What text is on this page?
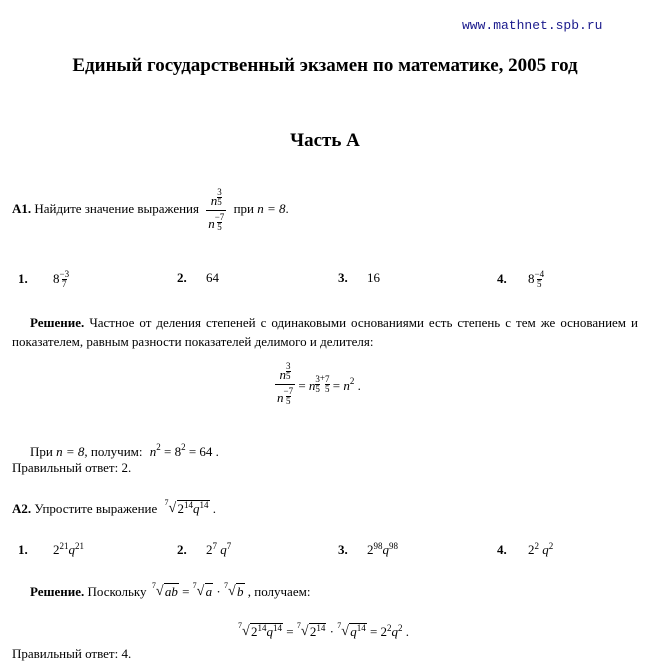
www.mathnet.spb.ru
Единый государственный экзамен по математике, 2005 год
Часть А
А1. Найдите значение выражения $\frac{n \frac{3}{5}}{n \frac{-7}{5}}$ при n = 8.
1. $8 \frac{-3}{7}$	2. 64	3. 16	4. $8 \frac{-4}{5}$
Решение. Частное от деления степеней с одинаковыми основаниями есть степень с тем же основанием и показателем, равным разности показателей делимого и делителя:
$\frac{n \frac{3}{5}}{n \frac{-7}{5}} = n \frac{3}{5} ^+ \frac{7}{5} = n^2$ .
При n = 8, получим: $n^2 = 8^2 = 64$ .
Правильный ответ: 2.
А2. Упростите выражение 7 √ $2^{14}q^{14}$ .
1. $2^{21}q^{21}$	2. $2^7$ $q^7$	3. $2^{98}q^{98}$	4. $2^2$ $q^2$
Решение. Поскольку 7 √ ab = 7 √ a · 7 √ b , получаем:
7 √ $2^{14}q^{14} = 7$ √ $2^{14} \cdot 7$ √ $q^{14} = 2^2q^2$ .
Правильный ответ: 4.
